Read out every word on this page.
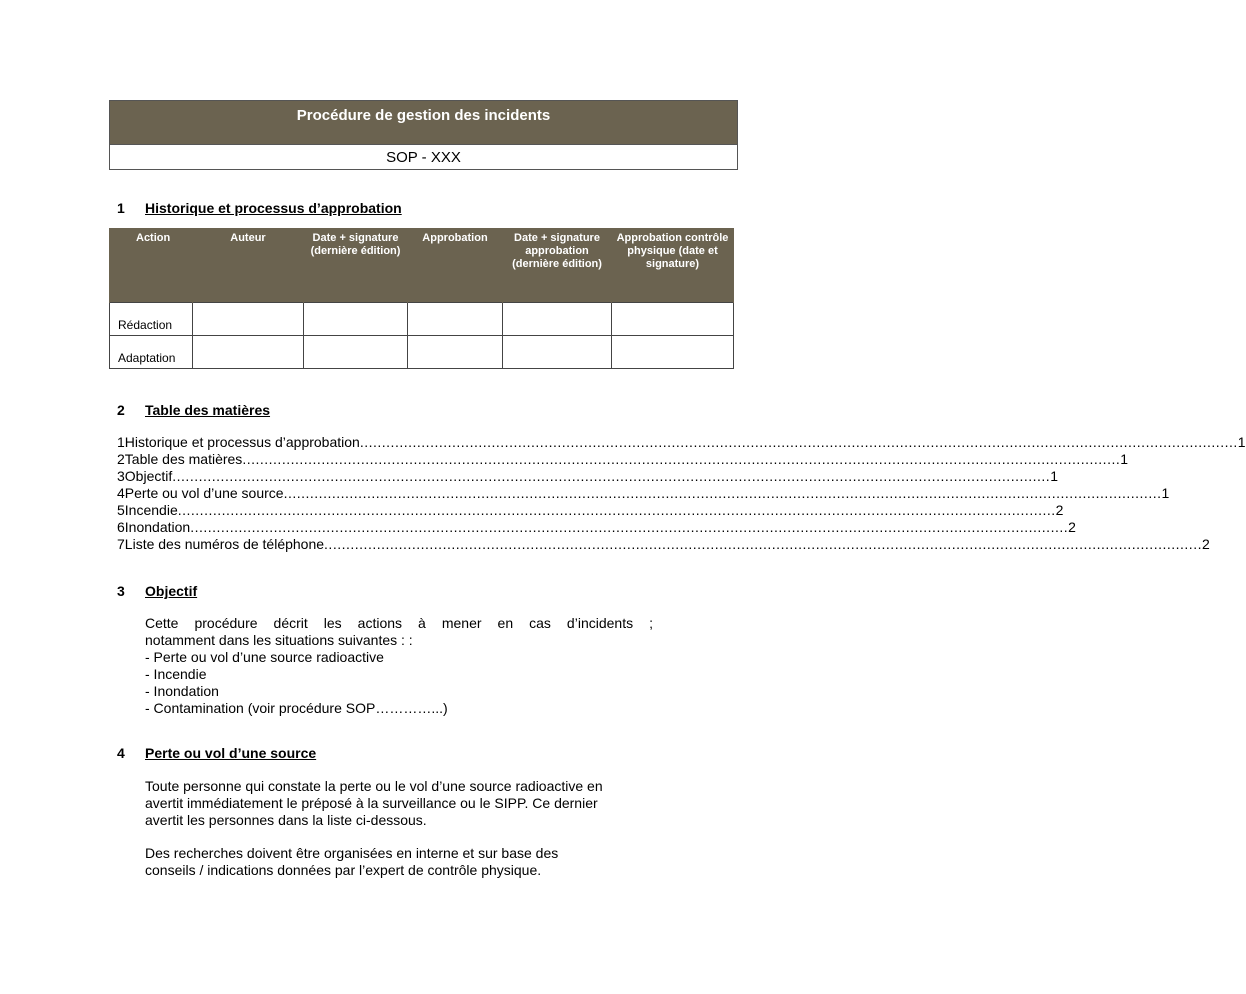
Procédure de gestion des incidents
SOP - XXX
1 Historique et processus d’approbation
Action	Auteur	Date + signature (dernière édition)	Approbation	Date + signature approbation (dernière édition)	Approbation contrôle physique (date et signature)
Rédaction					
Adaptation					
2 Table des matières
1 Historique et processus d’approbation ........................................................................................................................................................................................................ 1
2 Table des matières ........................................................................................................................................................................................................ 1
3 Objectif ........................................................................................................................................................................................................ 1
4 Perte ou vol d’une source ........................................................................................................................................................................................................ 1
5 Incendie ........................................................................................................................................................................................................ 2
6 Inondation ........................................................................................................................................................................................................ 2
7 Liste des numéros de téléphone ........................................................................................................................................................................................................ 2
3 Objectif
Cette procédure décrit les actions à mener en cas d’incidents ;
notamment dans les situations suivantes : :
- Perte ou vol d’une source radioactive
- Incendie
- Inondation
- Contamination (voir procédure SOP…………...)
4 Perte ou vol d’une source
Toute personne qui constate la perte ou le vol d’une source radioactive en
avertit immédiatement le préposé à la surveillance ou le SIPP. Ce dernier
avertit les personnes dans la liste ci-dessous.
Des recherches doivent être organisées en interne et sur base des
conseils / indications données par l’expert de contrôle physique.
